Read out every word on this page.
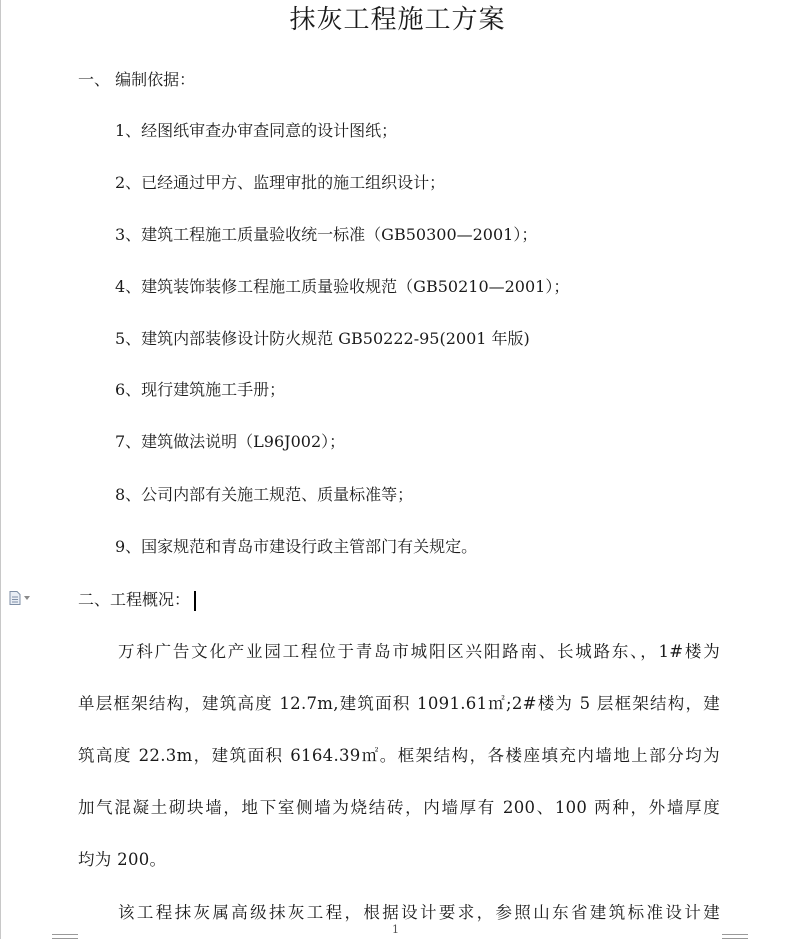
抹灰工程施工方案
一、 编制依据：
1、经图纸审查办审查同意的设计图纸；
2、已经通过甲方、监理审批的施工组织设计；
3、建筑工程施工质量验收统一标准（GB50300—2001）；
4、建筑装饰装修工程施工质量验收规范（GB50210—2001）；
5、建筑内部装修设计防火规范 GB50222-95(2001 年版)
6、现行建筑施工手册；
7、建筑做法说明（L96J002）；
8、公司内部有关施工规范、质量标准等；
9、国家规范和青岛市建设行政主管部门有关规定。
二、工程概况：
万科广告文化产业园工程位于青岛市城阳区兴阳路南、长城路东、，1#楼为
单层框架结构，建筑高度 12.7m,建筑面积 1091.61㎡;2#楼为 5 层框架结构，建
筑高度 22.3m，建筑面积 6164.39㎡。框架结构，各楼座填充内墙地上部分均为
加气混凝土砌块墙，地下室侧墙为烧结砖，内墙厚有 200、100 两种，外墙厚度
均为 200。
该工程抹灰属高级抹灰工程，根据设计要求，参照山东省建筑标准设计建
1
